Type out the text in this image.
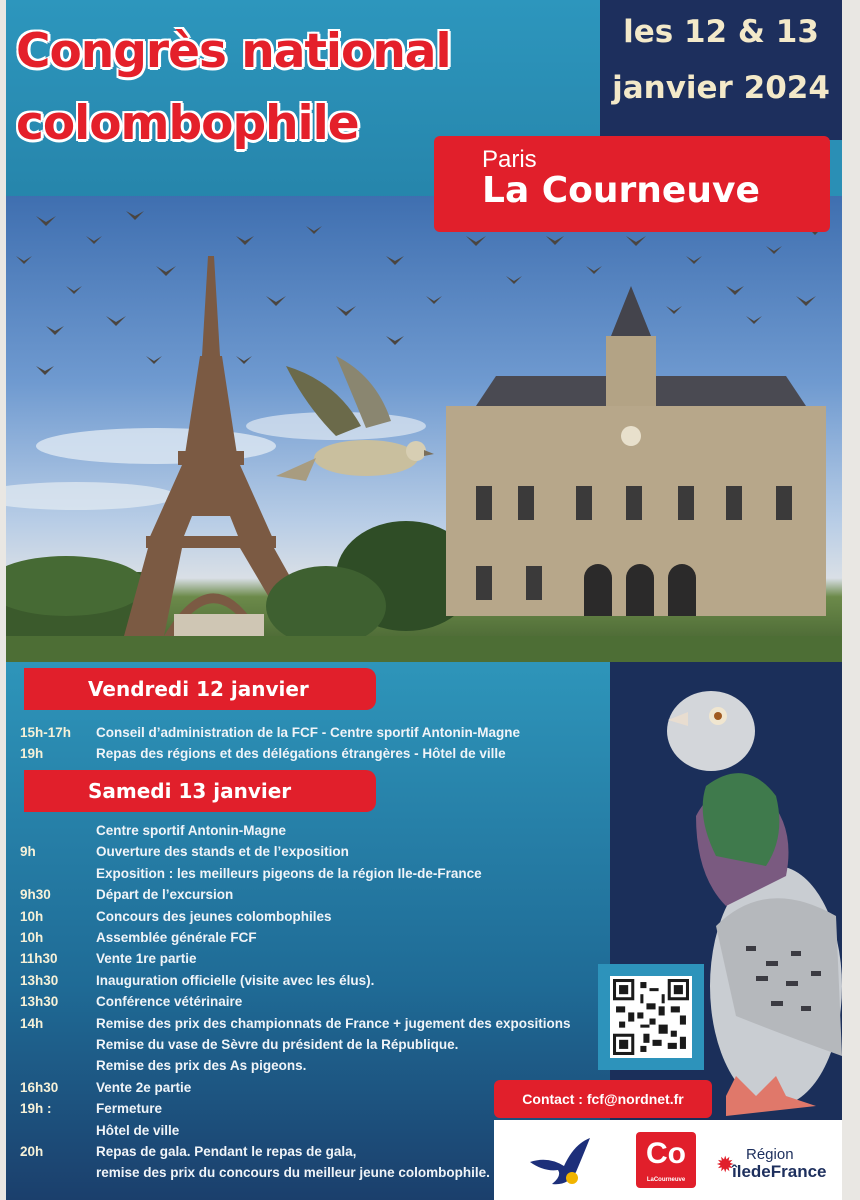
Congrès national
colombophile
les 12 & 13
janvier 2024
Paris
La Courneuve
Vendredi 12 janvier
15h-17h	Conseil d’administration de la FCF - Centre sportif Antonin-Magne
19h	Repas des régions et des délégations étrangères - Hôtel de ville
Samedi 13 janvier
Centre sportif Antonin-Magne
9h	Ouverture des stands et de l’exposition
Exposition : les meilleurs pigeons de la région Ile-de-France
9h30	Départ de l’excursion
10h	Concours des jeunes colombophiles
10h	Assemblée générale FCF
11h30	Vente 1re partie
13h30	Inauguration officielle (visite avec les élus).
13h30	Conférence vétérinaire
14h	Remise des prix des championnats de France + jugement des expositions
Remise du vase de Sèvre du président de la République.
Remise des prix des As pigeons.
16h30	Vente 2e partie
19h :	Fermeture
Hôtel de ville
20h	Repas de gala. Pendant le repas de gala,
remise des prix du concours du meilleur jeune colombophile.
Contact : fcf@nordnet.fr
Co
LaCourneuve
✹ Région
îledeFrance
